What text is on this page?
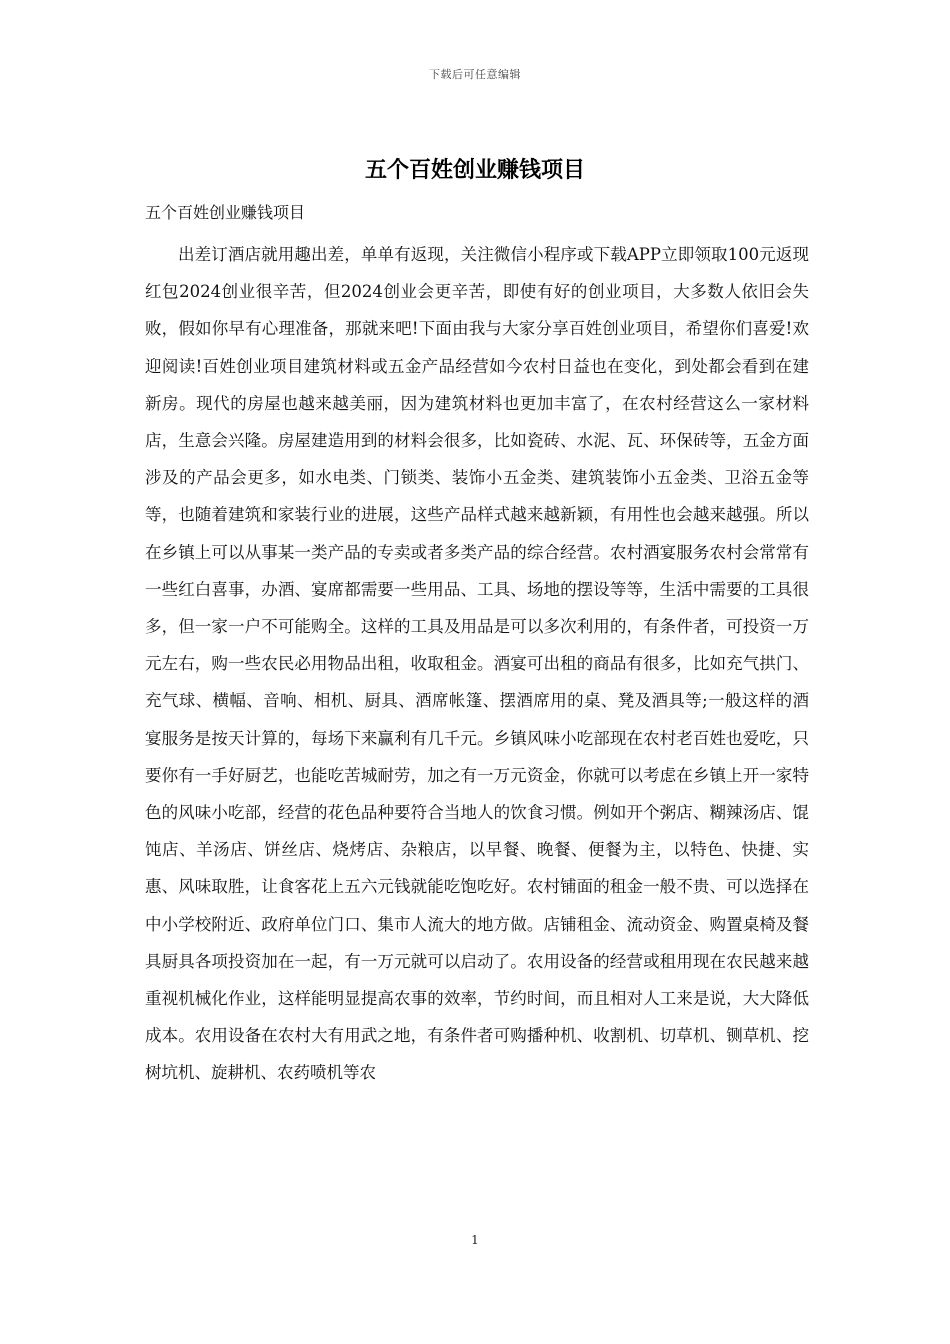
下载后可任意编辑
五个百姓创业赚钱项目

五个百姓创业赚钱项目

出差订酒店就用趣出差，单单有返现，关注微信小程序或下载APP立即领取100元返现红包2024创业很辛苦，但2024创业会更辛苦，即使有好的创业项目，大多数人依旧会失败，假如你早有心理准备，那就来吧!下面由我与大家分享百姓创业项目，希望你们喜爱!欢迎阅读!百姓创业项目建筑材料或五金产品经营如今农村日益也在变化，到处都会看到在建新房。现代的房屋也越来越美丽，因为建筑材料也更加丰富了，在农村经营这么一家材料店，生意会兴隆。房屋建造用到的材料会很多，比如瓷砖、水泥、瓦、环保砖等，五金方面涉及的产品会更多，如水电类、门锁类、装饰小五金类、建筑装饰小五金类、卫浴五金等等，也随着建筑和家装行业的进展，这些产品样式越来越新颖，有用性也会越来越强。所以在乡镇上可以从事某一类产品的专卖或者多类产品的综合经营。农村酒宴服务农村会常常有一些红白喜事，办酒、宴席都需要一些用品、工具、场地的摆设等等，生活中需要的工具很多，但一家一户不可能购全。这样的工具及用品是可以多次利用的，有条件者，可投资一万元左右，购一些农民必用物品出租，收取租金。酒宴可出租的商品有很多，比如充气拱门、充气球、横幅、音响、相机、厨具、酒席帐篷、摆酒席用的桌、凳及酒具等;一般这样的酒宴服务是按天计算的，每场下来赢利有几千元。乡镇风味小吃部现在农村老百姓也爱吃，只要你有一手好厨艺，也能吃苦城耐劳，加之有一万元资金，你就可以考虑在乡镇上开一家特色的风味小吃部，经营的花色品种要符合当地人的饮食习惯。例如开个粥店、糊辣汤店、馄饨店、羊汤店、饼丝店、烧烤店、杂粮店，以早餐、晚餐、便餐为主，以特色、快捷、实惠、风味取胜，让食客花上五六元钱就能吃饱吃好。农村铺面的租金一般不贵、可以选择在中小学校附近、政府单位门口、集市人流大的地方做。店铺租金、流动资金、购置桌椅及餐具厨具各项投资加在一起，有一万元就可以启动了。农用设备的经营或租用现在农民越来越重视机械化作业，这样能明显提高农事的效率，节约时间，而且相对人工来是说，大大降低成本。农用设备在农村大有用武之地，有条件者可购播种机、收割机、切草机、铡草机、挖树坑机、旋耕机、农药喷机等农

1
